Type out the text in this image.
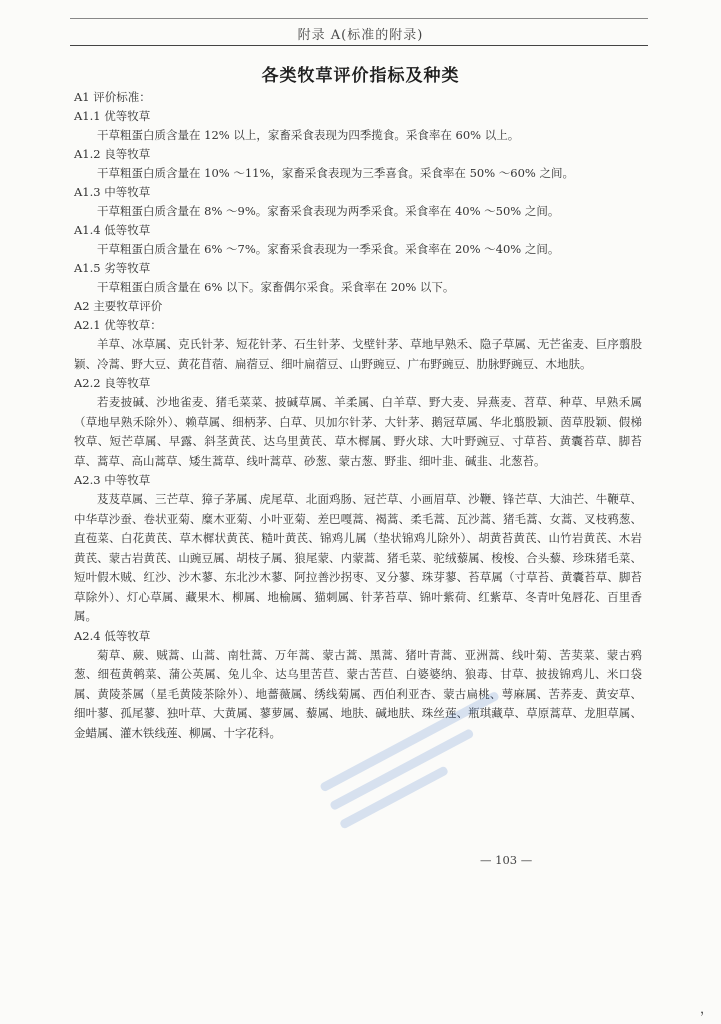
附录 A(标准的附录)
各类牧草评价指标及种类

A1 评价标准：

A1.1 优等牧草

干草粗蛋白质含量在 12% 以上，家畜采食表现为四季揽食。采食率在 60% 以上。

A1.2 良等牧草

干草粗蛋白质含量在 10% ～11%，家畜采食表现为三季喜食。采食率在 50% ～60% 之间。

A1.3 中等牧草

干草粗蛋白质含量在 8% ～9%。家畜采食表现为两季采食。采食率在 40% ～50% 之间。

A1.4 低等牧草

干草粗蛋白质含量在 6% ～7%。家畜采食表现为一季采食。采食率在 20% ～40% 之间。

A1.5 劣等牧草

干草粗蛋白质含量在 6% 以下。家畜偶尔采食。采食率在 20% 以下。

A2 主要牧草评价

A2.1 优等牧草：

羊草、冰草属、克氏针茅、短花针茅、石生针茅、戈壁针茅、草地早熟禾、隐子草属、无芒雀麦、巨序翦股颖、冷蒿、野大豆、黄花苜蓿、扁蓿豆、细叶扁蓿豆、山野豌豆、广布野豌豆、肋脉野豌豆、木地肤。

A2.2 良等牧草

若麦披碱、沙地雀麦、猪毛菜菜、披碱草属、羊柔属、白羊草、野大麦、异燕麦、苕草、种草、早熟禾属（草地早熟禾除外）、赖草属、细柄茅、白草、贝加尔针茅、大针茅、鹅冠草属、华北翦股颖、茵草股颖、假梯牧草、短芒草属、早露、斜茎黄芪、达乌里黄芪、草木樨属、野火球、大叶野豌豆、寸草苔、黄囊苔草、脚苔草、蒿草、高山蒿草、矮生蒿草、线叶蒿草、砂葱、蒙古葱、野韭、细叶韭、碱韭、北葱苔。

A2.3 中等牧草

芨芨草属、三芒草、獐子茅属、虎尾草、北面鸡肠、冠芒草、小画眉草、沙鞭、锋芒草、大油芒、牛鞭草、中华草沙蚕、卷状亚菊、糜木亚菊、小叶亚菊、差巴嘎蒿、褐蒿、柔毛蒿、瓦沙蒿、猪毛蒿、女蒿、叉枝鸦葱、直苞菜、白花黄芪、草木樨状黄芪、糙叶黄芪、锦鸡儿属（垫状锦鸡儿除外）、胡黄苔黄芪、山竹岩黄芪、木岩黄芪、蒙古岩黄芪、山豌豆属、胡枝子属、狼尾蒙、内蒙蒿、猪毛菜、驼绒藜属、梭梭、合头藜、珍珠猪毛菜、短叶假木贼、红沙、沙木蓼、东北沙木蓼、阿拉善沙拐枣、叉分蓼、珠芽蓼、苔草属（寸草苔、黄囊苔草、脚苔草除外）、灯心草属、藏果木、柳属、地榆属、猫刺属、针茅苔草、锦叶紫荷、红紫草、冬青叶兔唇花、百里香属。

A2.4 低等牧草

菊草、蕨、贼蒿、山蒿、南牡蒿、万年蒿、蒙古蒿、黑蒿、猪叶青蒿、亚洲蒿、线叶菊、苦荬菜、蒙古鸦葱、细苞黄鹌菜、蒲公英属、兔儿伞、达乌里苦苣、蒙古苦苣、白婆婆纳、狼毒、甘草、披拔锦鸡儿、米口袋属、黄陵茶属（星毛黄陵茶除外）、地薔薇属、绣线菊属、西伯利亚杏、蒙古扁桃、萼麻属、苦荞麦、黄安草、细叶蓼、孤尾蓼、独叶草、大黄属、蓼萝属、藜属、地肤、碱地肤、珠丝莲、瓶琪藏草、草原蒿草、龙胆草属、金蜡属、灌木铁线莲、柳属、十字花科。

— 103 —
，
